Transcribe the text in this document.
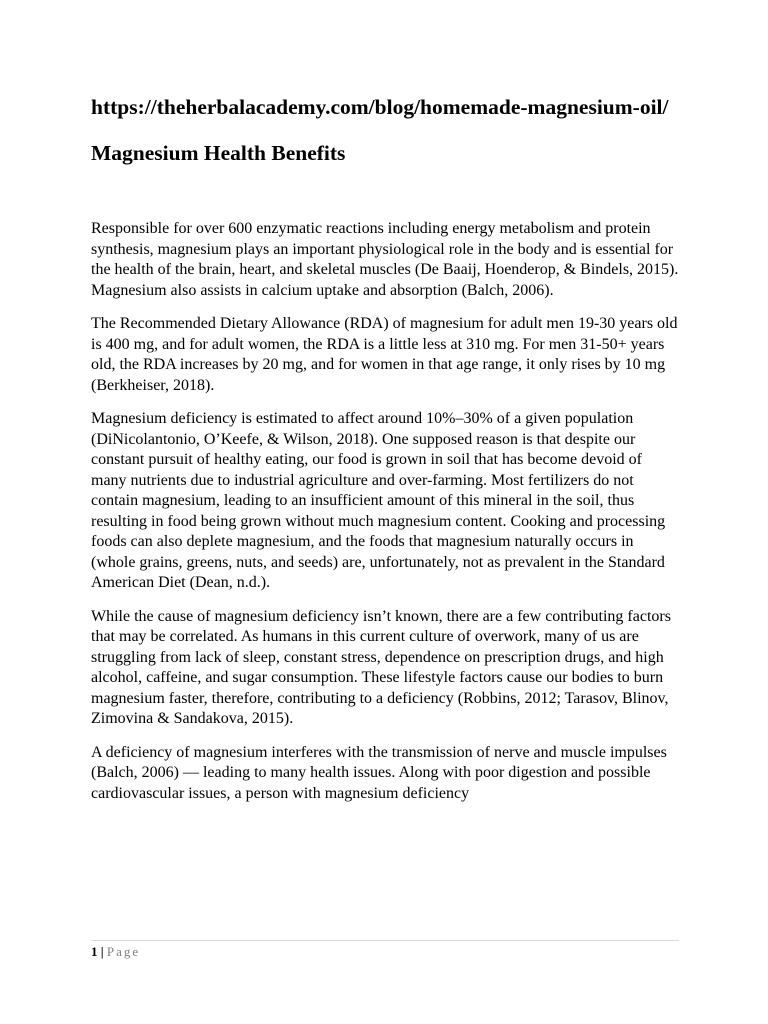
https://theherbalacademy.com/blog/homemade-magnesium-oil/
Magnesium Health Benefits

Responsible for over 600 enzymatic reactions including energy metabolism and protein synthesis, magnesium plays an important physiological role in the body and is essential for the health of the brain, heart, and skeletal muscles (De Baaij, Hoenderop, & Bindels, 2015). Magnesium also assists in calcium uptake and absorption (Balch, 2006).

The Recommended Dietary Allowance (RDA) of magnesium for adult men 19-30 years old is 400 mg, and for adult women, the RDA is a little less at 310 mg. For men 31-50+ years old, the RDA increases by 20 mg, and for women in that age range, it only rises by 10 mg (Berkheiser, 2018).

Magnesium deficiency is estimated to affect around 10%–30% of a given population (DiNicolantonio, O’Keefe, & Wilson, 2018). One supposed reason is that despite our constant pursuit of healthy eating, our food is grown in soil that has become devoid of many nutrients due to industrial agriculture and over-farming. Most fertilizers do not contain magnesium, leading to an insufficient amount of this mineral in the soil, thus resulting in food being grown without much magnesium content. Cooking and processing foods can also deplete magnesium, and the foods that magnesium naturally occurs in (whole grains, greens, nuts, and seeds) are, unfortunately, not as prevalent in the Standard American Diet (Dean, n.d.).

While the cause of magnesium deficiency isn’t known, there are a few contributing factors that may be correlated. As humans in this current culture of overwork, many of us are struggling from lack of sleep, constant stress, dependence on prescription drugs, and high alcohol, caffeine, and sugar consumption. These lifestyle factors cause our bodies to burn magnesium faster, therefore, contributing to a deficiency (Robbins, 2012; Tarasov, Blinov, Zimovina & Sandakova, 2015).

A deficiency of magnesium interferes with the transmission of nerve and muscle impulses (Balch, 2006) — leading to many health issues. Along with poor digestion and possible cardiovascular issues, a person with magnesium deficiency

1 | Page
